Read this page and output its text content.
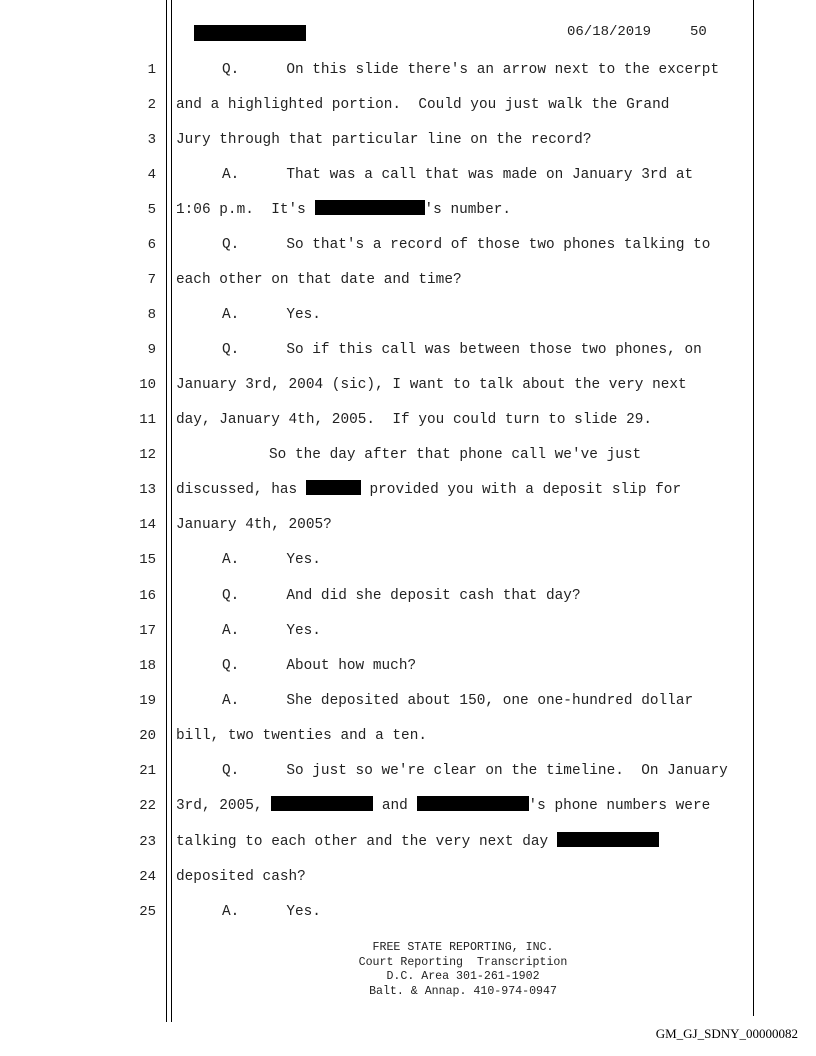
06/18/2019	50
1	Q.	On this slide there's an arrow next to the excerpt
2 and a highlighted portion.  Could you just walk the Grand
3 Jury through that particular line on the record?
4	A.	That was a call that was made on January 3rd at
5 1:06 p.m.  It's	's number.
6	Q.	So that's a record of those two phones talking to
7 each other on that date and time?
8	A.	Yes.
9	Q.	So if this call was between those two phones, on
10 January 3rd, 2004 (sic), I want to talk about the very next
11 day, January 4th, 2005.  If you could turn to slide 29.
12	So the day after that phone call we've just
13 discussed, has	provided you with a deposit slip for
14 January 4th, 2005?
15	A.	Yes.
16	Q.	And did she deposit cash that day?
17	A.	Yes.
18	Q.	About how much?
19	A.	She deposited about 150, one one-hundred dollar
20 bill, two twenties and a ten.
21	Q.	So just so we're clear on the timeline.  On January
22 3rd, 2005,	and	's phone numbers were
23 talking to each other and the very next day
24 deposited cash?
25	A.	Yes.
FREE STATE REPORTING, INC.
Court Reporting  Transcription
D.C. Area 301-261-1902
Balt. & Annap. 410-974-0947
GM_GJ_SDNY_00000082
